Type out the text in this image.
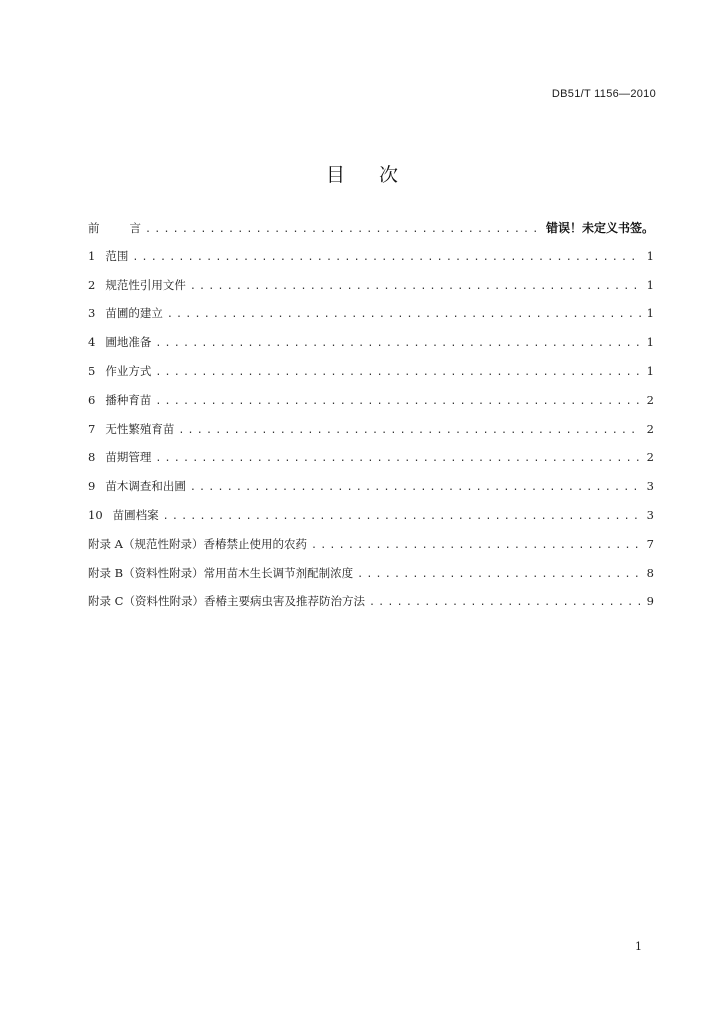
DB51/T 1156—2010
目 次
前	言 .....	错误！未定义书签。
1 范围 .....	1
2 规范性引用文件 .....	1
3 苗圃的建立 .....	1
4 圃地准备 .....	1
5 作业方式 .....	1
6 播种育苗 .....	2
7 无性繁殖育苗 .....	2
8 苗期管理 .....	2
9 苗木调查和出圃 .....	3
10 苗圃档案 .....	3
附录 A（规范性附录）香椿禁止使用的农药 .....	7
附录 B（资料性附录）常用苗木生长调节剂配制浓度 .....	8
附录 C（资料性附录）香椿主要病虫害及推荐防治方法 .....	9
1
